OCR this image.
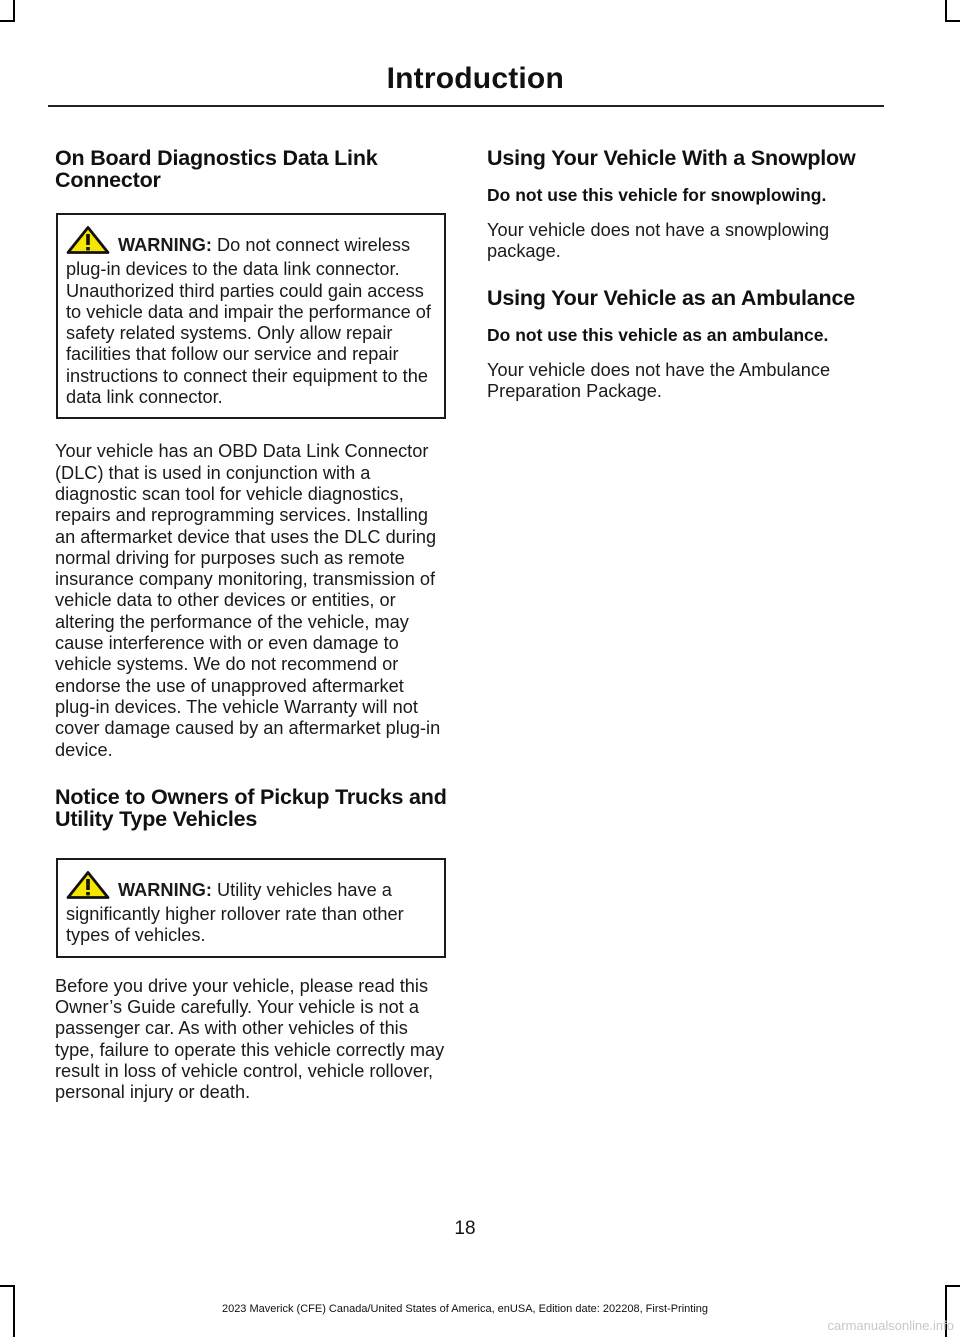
Introduction
On Board Diagnostics Data Link Connector
WARNING: Do not connect wireless plug-in devices to the data link connector. Unauthorized third parties could gain access to vehicle data and impair the performance of safety related systems. Only allow repair facilities that follow our service and repair instructions to connect their equipment to the data link connector.

Your vehicle has an OBD Data Link Connector (DLC) that is used in conjunction with a diagnostic scan tool for vehicle diagnostics, repairs and reprogramming services. Installing an aftermarket device that uses the DLC during normal driving for purposes such as remote insurance company monitoring, transmission of vehicle data to other devices or entities, or altering the performance of the vehicle, may cause interference with or even damage to vehicle systems. We do not recommend or endorse the use of unapproved aftermarket plug-in devices. The vehicle Warranty will not cover damage caused by an aftermarket plug-in device.

Notice to Owners of Pickup Trucks and Utility Type Vehicles
WARNING: Utility vehicles have a significantly higher rollover rate than other types of vehicles.

Before you drive your vehicle, please read this Owner’s Guide carefully. Your vehicle is not a passenger car. As with other vehicles of this type, failure to operate this vehicle correctly may result in loss of vehicle control, vehicle rollover, personal injury or death.

Using Your Vehicle With a Snowplow
Do not use this vehicle for snowplowing.

Your vehicle does not have a snowplowing package.

Using Your Vehicle as an Ambulance
Do not use this vehicle as an ambulance.

Your vehicle does not have the Ambulance Preparation Package.

18
2023 Maverick (CFE) Canada/United States of America, enUSA, Edition date: 202208, First-Printing
carmanualsonline.info
